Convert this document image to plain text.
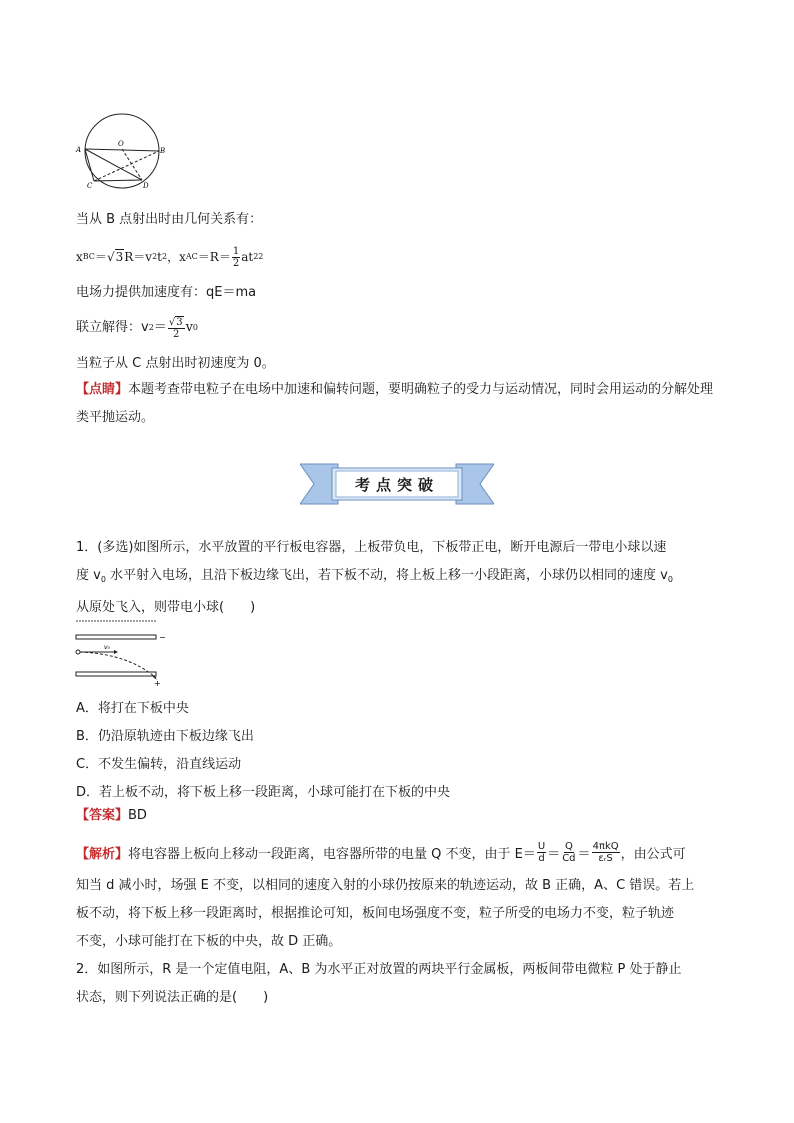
A	B
O
C	D
当从 B 点射出时由几何关系有：
x BC ＝ √ 3 R＝v 2 t 2 ，x AC $=R= \frac{1}{2}$ at 2 2
电场力提供加速度有：qE＝ma
联立解得：v $2 = \frac{√3}{2}$ v 0
当粒子从 C 点射出时初速度为 0。
【点睛】本题考查带电粒子在电场中加速和偏转问题，要明确粒子的受力与运动情况，同时会用运动的分解处理类平抛运动。
考点突破
1．(多选)如图所示，水平放置的平行板电容器，上板带负电，下板带正电，断开电源后一带电小球以速
度 $v_0$ 水平射入电场，且沿下板边缘飞出，若下板不动，将上板上移一小段距离，小球仍以相同的速度 $v_0$
从原处飞入，则带电小球(　　)
−
v₀
+
A．将打在下板中央
B．仍沿原轨迹由下板边缘飞出
C．不发生偏转，沿直线运动
D．若上板不动，将下板上移一段距离，小球可能打在下板的中央
【答案】BD
【解析】 将电容器上板向上移动一段距离，电容器所带的电量 Q 不变，由于 $E= \frac{U}{d} = \frac{Q}{Cd} = \frac{\text{4πkQ}}{\text{εᵣS}}$ ，由公式可
知当 d 减小时，场强 E 不变，以相同的速度入射的小球仍按原来的轨迹运动，故 B 正确，A、C 错误。若上
板不动，将下板上移一段距离时，根据推论可知，板间电场强度不变，粒子所受的电场力不变，粒子轨迹
不变，小球可能打在下板的中央，故 D 正确。
2．如图所示，R 是一个定值电阻，A、B 为水平正对放置的两块平行金属板，两板间带电微粒 P 处于静止
状态，则下列说法正确的是(　　)
